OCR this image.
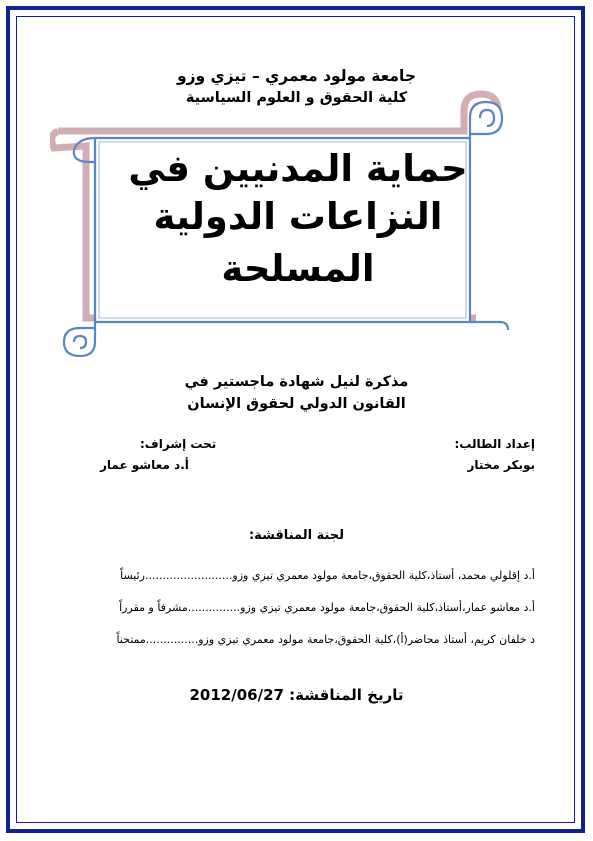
جامعة مولود معمري – تيزي وزو
كلية الحقوق و العلوم السياسية
حماية المدنيين في
النزاعات الدولية
المسلحة
مذكرة لنيل شهادة ماجستير في
القانون الدولي لحقوق الإنسان
إعداد الطالب:
بوبكر مختار
تحت إشراف:
أ.د معاشو عمار
لجنة المناقشة:
أ.د إقلولي محمد، أستاذ،كلية الحقوق،جامعة مولود معمري تيزي وزو.........................رئيساً
أ.د معاشو عمار،أستاذ،كلية الحقوق،جامعة مولود معمري تيزي وزو...............مشرفاً و مقرراً
د خلفان كريم، أستاذ محاضر(أ)،كلية الحقوق،جامعة مولود معمري تيزي وزو...............ممتحناً
2012/06/27 تاريخ المناقشة:
